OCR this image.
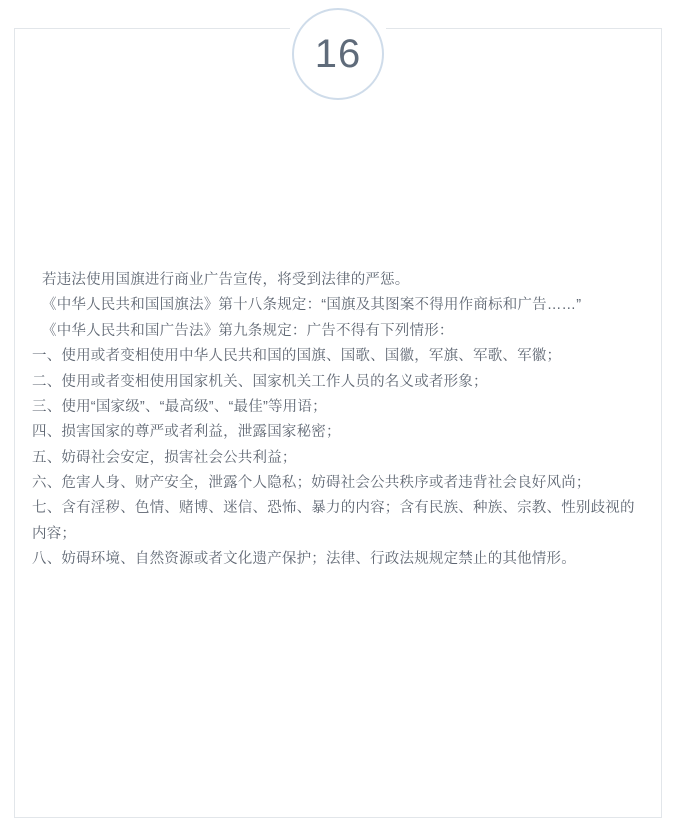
16

若违法使用国旗进行商业广告宣传，将受到法律的严惩。

《中华人民共和国国旗法》第十八条规定：“国旗及其图案不得用作商标和广告……”

《中华人民共和国广告法》第九条规定：广告不得有下列情形：

一、使用或者变相使用中华人民共和国的国旗、国歌、国徽，军旗、军歌、军徽；

二、使用或者变相使用国家机关、国家机关工作人员的名义或者形象；

三、使用“国家级”、“最高级”、“最佳”等用语；

四、损害国家的尊严或者利益，泄露国家秘密；

五、妨碍社会安定，损害社会公共利益；

六、危害人身、财产安全，泄露个人隐私；妨碍社会公共秩序或者违背社会良好风尚；

七、含有淫秽、色情、赌博、迷信、恐怖、暴力的内容；含有民族、种族、宗教、性别歧视的内容；

八、妨碍环境、自然资源或者文化遗产保护；法律、行政法规规定禁止的其他情形。
